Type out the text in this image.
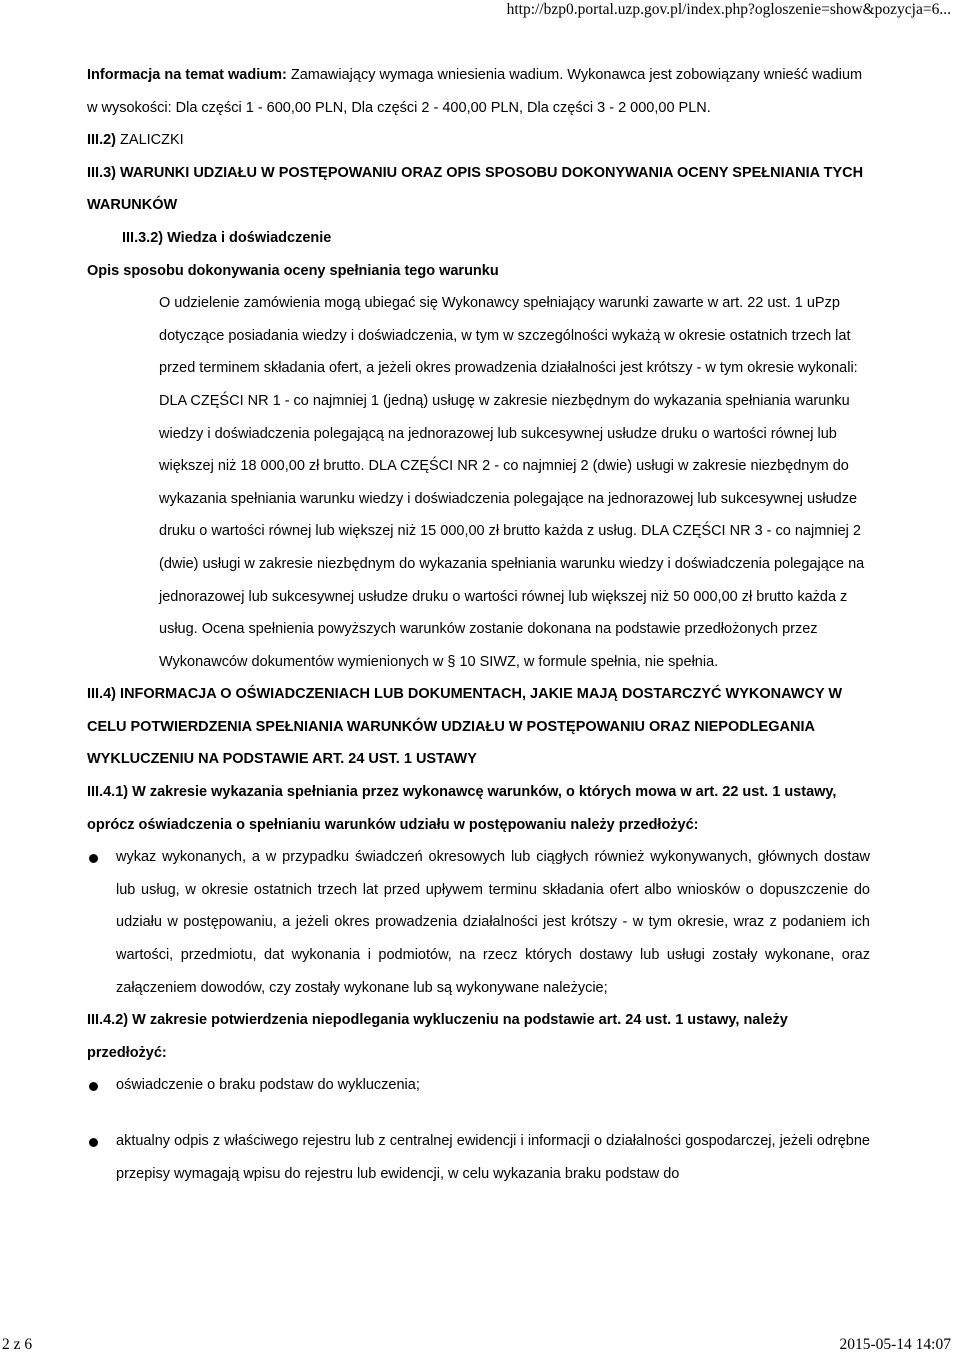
http://bzp0.portal.uzp.gov.pl/index.php?ogloszenie=show&pozycja=6...

Informacja na temat wadium: Zamawiający wymaga wniesienia wadium. Wykonawca jest zobowiązany wnieść wadium w wysokości: Dla części 1 - 600,00 PLN, Dla części 2 - 400,00 PLN, Dla części 3 - 2 000,00 PLN.

III.2) ZALICZKI

III.3) WARUNKI UDZIAŁU W POSTĘPOWANIU ORAZ OPIS SPOSOBU DOKONYWANIA OCENY SPEŁNIANIA TYCH WARUNKÓW

III.3.2) Wiedza i doświadczenie

Opis sposobu dokonywania oceny spełniania tego warunku

O udzielenie zamówienia mogą ubiegać się Wykonawcy spełniający warunki zawarte w art. 22 ust. 1 uPzp dotyczące posiadania wiedzy i doświadczenia, w tym w szczególności wykażą w okresie ostatnich trzech lat przed terminem składania ofert, a jeżeli okres prowadzenia działalności jest krótszy - w tym okresie wykonali: DLA CZĘŚCI NR 1 - co najmniej 1 (jedną) usługę w zakresie niezbędnym do wykazania spełniania warunku wiedzy i doświadczenia polegającą na jednorazowej lub sukcesywnej usłudze druku o wartości równej lub większej niż 18 000,00 zł brutto. DLA CZĘŚCI NR 2 - co najmniej 2 (dwie) usługi w zakresie niezbędnym do wykazania spełniania warunku wiedzy i doświadczenia polegające na jednorazowej lub sukcesywnej usłudze druku o wartości równej lub większej niż 15 000,00 zł brutto każda z usług. DLA CZĘŚCI NR 3 - co najmniej 2 (dwie) usługi w zakresie niezbędnym do wykazania spełniania warunku wiedzy i doświadczenia polegające na jednorazowej lub sukcesywnej usłudze druku o wartości równej lub większej niż 50 000,00 zł brutto każda z usług. Ocena spełnienia powyższych warunków zostanie dokonana na podstawie przedłożonych przez Wykonawców dokumentów wymienionych w § 10 SIWZ, w formule spełnia, nie spełnia.

III.4) INFORMACJA O OŚWIADCZENIACH LUB DOKUMENTACH, JAKIE MAJĄ DOSTARCZYĆ WYKONAWCY W CELU POTWIERDZENIA SPEŁNIANIA WARUNKÓW UDZIAŁU W POSTĘPOWANIU ORAZ NIEPODLEGANIA WYKLUCZENIU NA PODSTAWIE ART. 24 UST. 1 USTAWY

III.4.1) W zakresie wykazania spełniania przez wykonawcę warunków, o których mowa w art. 22 ust. 1 ustawy, oprócz oświadczenia o spełnianiu warunków udziału w postępowaniu należy przedłożyć:

wykaz wykonanych, a w przypadku świadczeń okresowych lub ciągłych również wykonywanych, głównych dostaw lub usług, w okresie ostatnich trzech lat przed upływem terminu składania ofert albo wniosków o dopuszczenie do udziału w postępowaniu, a jeżeli okres prowadzenia działalności jest krótszy - w tym okresie, wraz z podaniem ich wartości, przedmiotu, dat wykonania i podmiotów, na rzecz których dostawy lub usługi zostały wykonane, oraz załączeniem dowodów, czy zostały wykonane lub są wykonywane należycie;

III.4.2) W zakresie potwierdzenia niepodlegania wykluczeniu na podstawie art. 24 ust. 1 ustawy, należy przedłożyć:

oświadczenie o braku podstaw do wykluczenia;
aktualny odpis z właściwego rejestru lub z centralnej ewidencji i informacji o działalności gospodarczej, jeżeli odrębne przepisy wymagają wpisu do rejestru lub ewidencji, w celu wykazania braku podstaw do
2 z 6	2015-05-14 14:07
